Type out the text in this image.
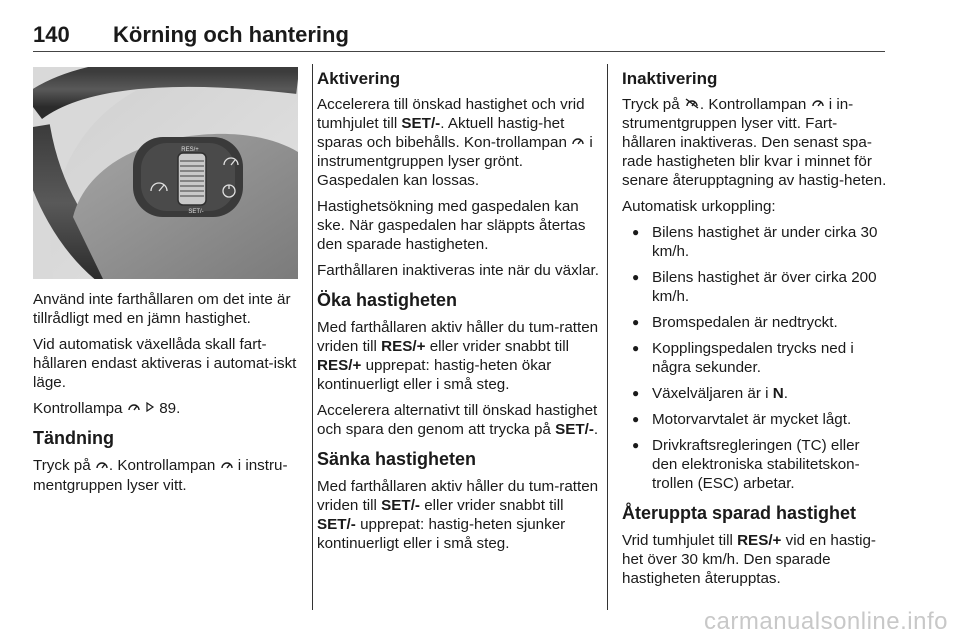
140 Körning och hantering
RES/+
SET/-

Använd inte farthållaren om det inte är tillrådligt med en jämn hastighet.

Vid automatisk växellåda skall fart-hållaren endast aktiveras i automat-iskt läge.

Kontrollampa 89.

Tändning

Tryck på . Kontrollampan i instru-mentgruppen lyser vitt.

Aktivering

Accelerera till önskad hastighet och vrid tumhjulet till SET/-. Aktuell hastig-het sparas och bibehålls. Kon-trollampan i instrumentgruppen lyser grönt. Gaspedalen kan lossas.

Hastighetsökning med gaspedalen kan ske. När gaspedalen har släppts återtas den sparade hastigheten.

Farthållaren inaktiveras inte när du växlar.

Öka hastigheten

Med farthållaren aktiv håller du tum-ratten vriden till RES/+ eller vrider snabbt till RES/+ upprepat: hastig-heten ökar kontinuerligt eller i små steg.

Accelerera alternativt till önskad hastighet och spara den genom att trycka på SET/-.

Sänka hastigheten

Med farthållaren aktiv håller du tum-ratten vriden till SET/- eller vrider snabbt till SET/- upprepat: hastig-heten sjunker kontinuerligt eller i små steg.

Inaktivering

Tryck på . Kontrollampan i in-strumentgruppen lyser vitt. Fart-hållaren inaktiveras. Den senast spa-rade hastigheten blir kvar i minnet för senare återupptagning av hastig-heten.

Automatisk urkoppling:

● Bilens hastighet är under cirka 30 km/h.
● Bilens hastighet är över cirka 200 km/h.
● Bromspedalen är nedtryckt.
● Kopplingspedalen trycks ned i några sekunder.
● Växelväljaren är i N.
● Motorvarvtalet är mycket lågt.
● Drivkraftsregleringen (TC) eller den elektroniska stabilitetskon-trollen (ESC) arbetar.
Återuppta sparad hastighet

Vrid tumhjulet till RES/+ vid en hastig-het över 30 km/h. Den sparade hastigheten återupptas.

carmanualsonline.info
